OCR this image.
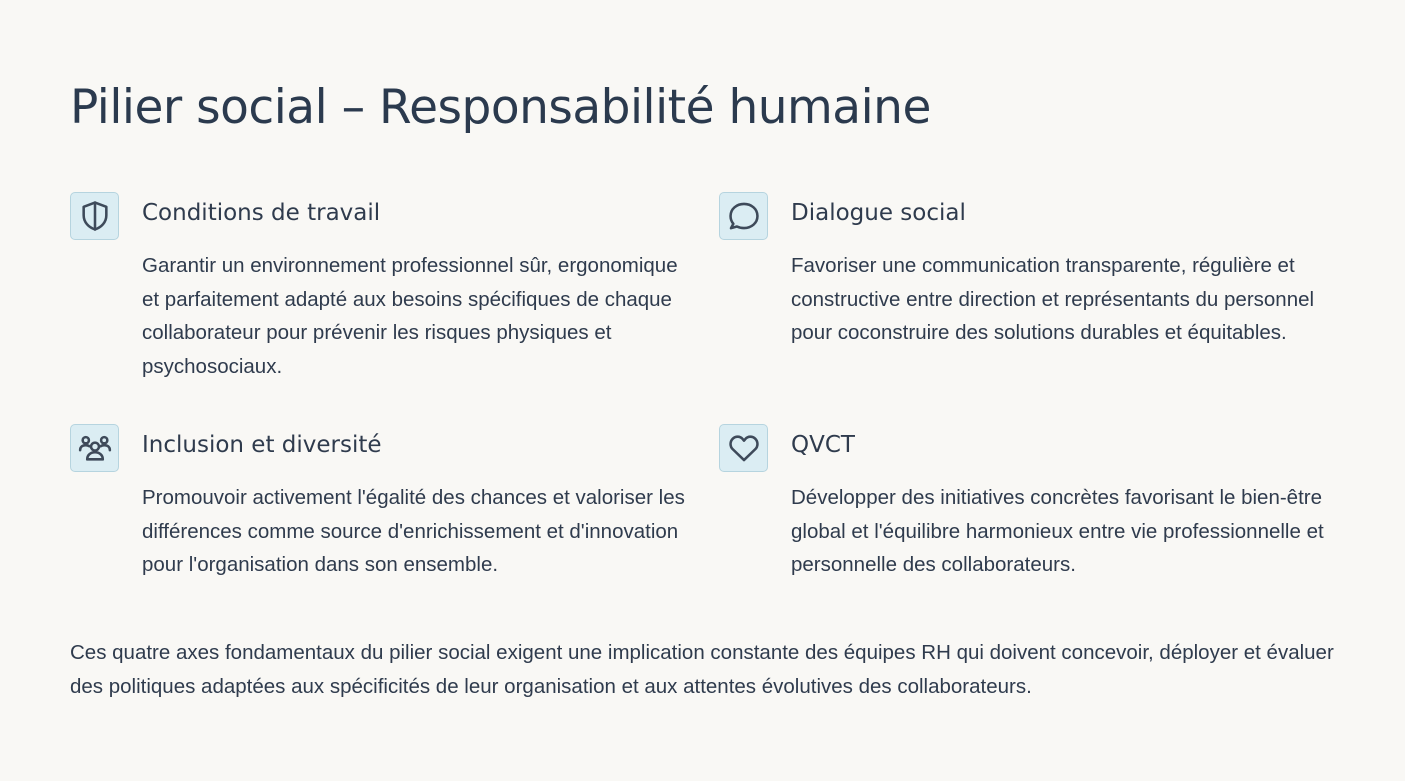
Pilier social – Responsabilité humaine
Conditions de travail

Garantir un environnement professionnel sûr, ergonomique et parfaitement adapté aux besoins spécifiques de chaque collaborateur pour prévenir les risques physiques et psychosociaux.

Dialogue social

Favoriser une communication transparente, régulière et constructive entre direction et représentants du personnel pour coconstruire des solutions durables et équitables.

Inclusion et diversité

Promouvoir activement l'égalité des chances et valoriser les différences comme source d'enrichissement et d'innovation pour l'organisation dans son ensemble.

QVCT

Développer des initiatives concrètes favorisant le bien-être global et l'équilibre harmonieux entre vie professionnelle et personnelle des collaborateurs.

Ces quatre axes fondamentaux du pilier social exigent une implication constante des équipes RH qui doivent concevoir, déployer et évaluer des politiques adaptées aux spécificités de leur organisation et aux attentes évolutives des collaborateurs.
